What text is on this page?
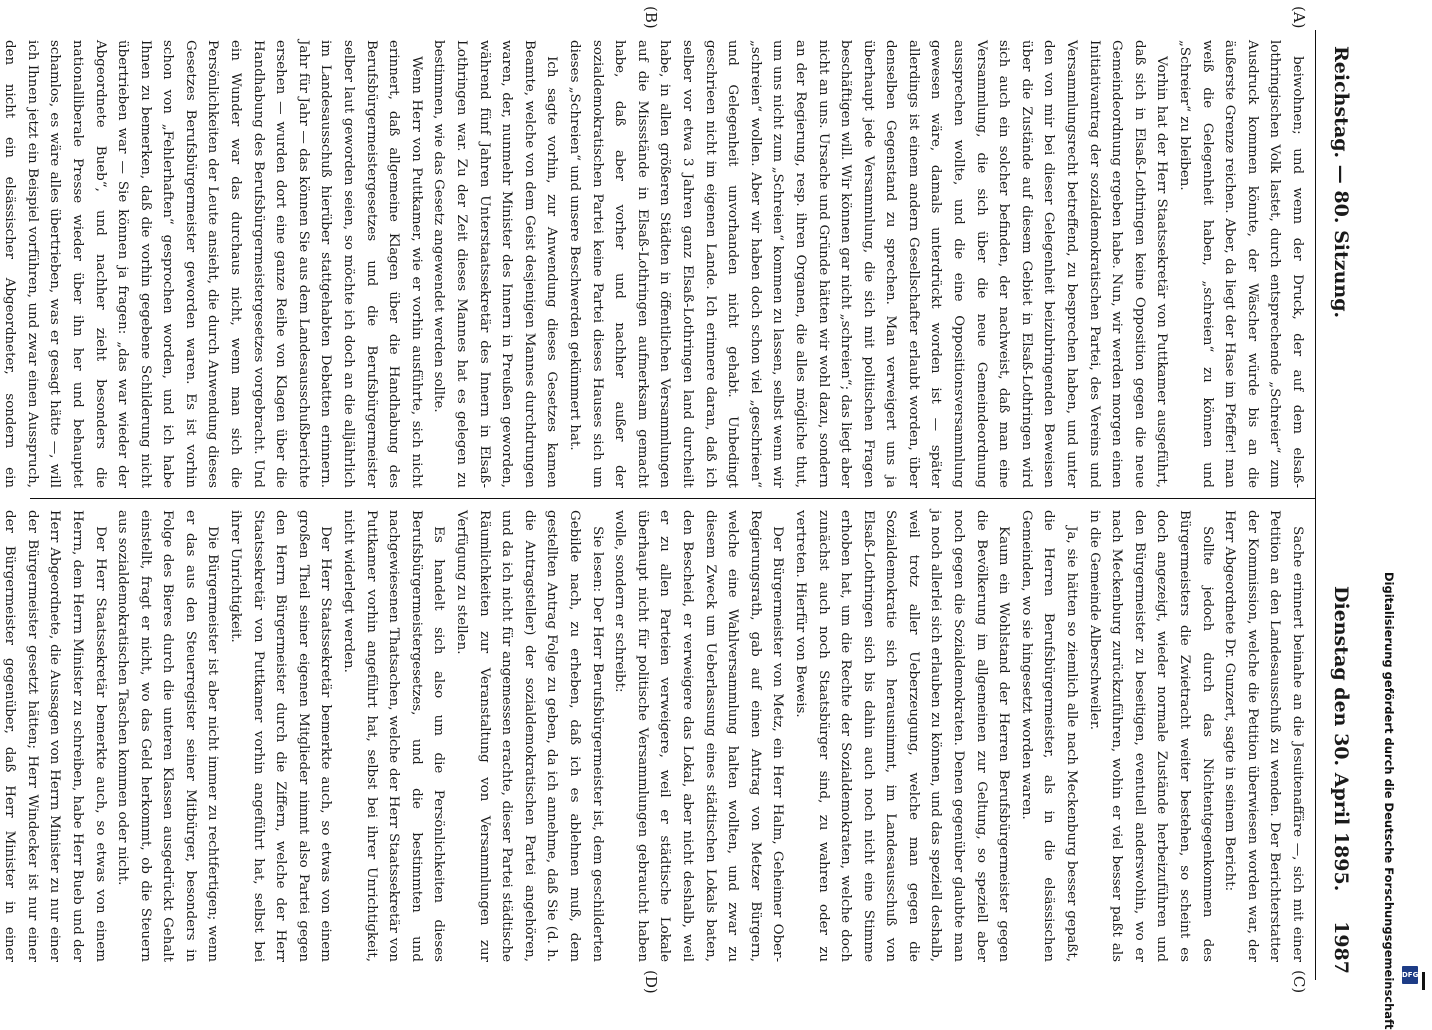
Reichstag. — 80. Sitzung.
Dienstag den 30. April 1895.
1987
(A)
(B)
(C)
(D)

beiwohnen; und wenn der Druck, der auf dem elsaß-lothringischen Volk lastet, durch entsprechende „Schreier“ zum Ausdruck kommen könnte, der Wäscher würde bis an die äußerste Grenze reichen. Aber, da liegt der Hase im Pfeffer! man weiß die Gelegenheit haben, „schreien“ zu können und „Schreier“ zu bleiben.

Vorhin hat der Herr Staatssekretär von Puttkamer ausgeführt, daß sich in Elsaß-Lothringen keine Opposition gegen die neue Gemeindeordnung ergeben habe. Nun, wir werden morgen einen Initiativantrag der sozialdemokratischen Partei, des Vereins und Versammlungsrecht betreffend, zu besprechen haben, und unter den von mir bei dieser Gelegenheit beizubringenden Beweisen über die Zustände auf diesem Gebiet in Elsaß-Lothringen wird sich auch ein solcher befinden, der nachweist, daß man eine Versammlung, die sich über die neue Gemeindeordnung aussprechen wollte, und die eine Oppositionsversammlung gewesen wäre, damals unterdrückt worden ist — später allerdings ist einem andern Gesellschafter erlaubt worden, über denselben Gegenstand zu sprechen. Man verweigert uns ja überhaupt jede Versammlung, die sich mit politischen Fragen beschäftigen will. Wir können gar nicht „schreien“; das liegt aber nicht an uns. Ursache und Gründe hätten wir wohl dazu, sondern an der Regierung, resp. ihren Organen, die alles mögliche thut, um uns nicht zum „Schreien“ kommen zu lassen, selbst wenn wir „schreien“ wollen. Aber wir haben doch schon viel „geschrieen“ und Gelegenheit unvorhanden nicht gehabt. Unbedingt geschrieen nicht im eigenen Lande. Ich erinnere daran, daß ich selber vor etwa 3 Jahren ganz Elsaß-Lothringen land durcheilt habe, in allen größeren Städten in öffentlichen Versammlungen auf die Missstände in Elsaß-Lothringen aufmerksam gemacht habe, daß aber vorher und nachher außer der sozialdemokratischen Partei keine Partei dieses Hauses sich um dieses „Schreien“ und unsere Beschwerden gekümmert hat.

Ich sagte vorhin, zur Anwendung dieses Gesetzes kamen Beamte, welche von dem Geist desjenigen Mannes durchdrungen waren, der, nunmehr Minister des Innern in Preußen geworden, während fünf Jahren Unterstaatssekretär des Innern in Elsaß-Lothringen war. Zu der Zeit dieses Mannes hat es gelegen zu bestimmen, wie das Gesetz angewendet werden sollte.

Wenn Herr von Puttkamer, wie er vorhin ausführte, sich nicht erinnert, daß allgemeine Klagen über die Handhabung des Berufsbürgermeistergesetzes und die Berufsbürgermeister selber laut geworden seien, so möchte ich doch an die alljährlich im Landesausschuß hierüber stattgehabten Debatten erinnern. Jahr für Jahr — das können Sie aus dem Landesausschußberichte ersehen — wurden dort eine ganze Reihe von Klagen über die Handhabung des Berufsbürgermeistergesetzes vorgebracht. Und ein Wunder war das durchaus nicht, wenn man sich die Persönlichkeiten der Leute ansieht, die durch Anwendung dieses Gesetzes Berufsbürgermeister geworden waren. Es ist vorhin schon von „Fehlerhaften“ gesprochen worden, und ich habe Ihnen zu bemerken, daß die vorhin gegebene Schilderung nicht übertrieben war — Sie können ja fragen: „das war wieder der Abgeordnete Bueb“, und nachher zieht besonders die nationalliberale Presse wieder über ihn her und behauptet schamlos, es wäre alles übertrieben, was er gesagt hätte —, will ich Ihnen jetzt ein Beispiel vorführen, und zwar einen Ausspruch, den nicht ein elsässischer Abgeordneter, sondern ein

Sache erinnert beinahe an die Jesuitenaffäre —, sich mit einer Petition an den Landesausschuß zu wenden. Der Berichterstatter der Kommission, welche die Petition überwiesen worden war, der Herr Abgeordnete Dr. Gunzert, sagte in seinem Bericht:

Sollte jedoch durch das Nichtentgegenkommen des Bürgermeisters die Zwietracht weiter bestehen, so scheint es doch angezeigt, wieder normale Zustände herbeizuführen und den Bürgermeister zu beseitigen, eventuell anderswohin, wo er nach Meckenburg zurückzuführen, wohin er viel besser paßt als in die Gemeinde Alberschweiler.

Ja, sie hätten so ziemlich alle nach Meckenburg besser gepaßt, die Herren Berufsbürgermeister, als in die elsässischen Gemeinden, wo sie hingesetzt worden waren.

Kaum ein Wohlstand der Herren Berufsbürgermeister gegen die Bevölkerung im allgemeinen zur Geltung, so speziell aber noch gegen die Sozialdemokraten. Denen gegenüber glaubte man ja noch allerlei sich erlauben zu können, und das speziell deshalb, weil trotz aller Ueberzeugung, welche man gegen die Sozialdemokratie sich herausnimmt, im Landesausschuß von Elsaß-Lothringen sich bis dahin auch noch nicht eine Stimme erhoben hat, um die Rechte der Sozialdemokraten, welche doch zunächst auch noch Staatsbürger sind, zu wahren oder zu vertreten. Hierfür von Beweis.

Der Bürgermeister von Metz, ein Herr Halm, Geheimer Ober-Regierungsrath, gab auf einen Antrag von Metzer Bürgern, welche eine Wahlversammlung halten wollten, und zwar zu diesem Zweck um Ueberlassung eines städtischen Lokals baten, den Bescheid, er verweigere das Lokal, aber nicht deshalb, weil er zu allen Parteien verweigere, weil er städtische Lokale überhaupt nicht für politische Versammlungen gebraucht haben wolle, sondern er schreibt:

Sie lesen: Der Herr Berufsbürgermeister ist, dem geschilderten Gebilde nach, zu erheben, daß ich es ablehnen muß, dem gestellten Antrag Folge zu geben, da ich annehme, daß Sie (d. h. die Antragsteller) der sozialdemokratischen Partei angehören, und da ich nicht für angemessen erachte, dieser Partei städtische Räumlichkeiten zur Veranstaltung von Versammlungen zur Verfügung zu stellen.

Es handelt sich also um die Persönlichkeiten dieses Berufsbürgermeistergesetzes, und die bestimmten und nachgewiesenen Thatsachen, welche der Herr Staatssekretär von Puttkamer vorhin angeführt hat, selbst bei ihrer Unrichtigkeit, nicht widerlegt werden.

Der Herr Staatssekretär bemerkte auch, so etwas von einem großen Theil seiner eigenen Mitglieder nimmt also Partei gegen den Herrn Bürgermeister durch die Ziffern, welche der Herr Staatssekretär von Puttkamer vorhin angeführt hat, selbst bei ihrer Unrichtigkeit.

Die Bürgermeister ist aber nicht immer zu rechtfertigen; wenn er das aus den Steuerregister seiner Mitbürger, besonders in Folge des Bieres durch die unteren Klassen ausgedrückt Gehalt einstellt, fragt er nicht, wo das Geld herkommt, ob die Steuern aus sozialdemokratischen Taschen kommen oder nicht.

Der Herr Staatssekretär bemerkte auch, so etwas von einem Herrn, dem Herrn Minister zu schreiben, habe Herr Bueb und der Herr Abgeordnete, die Aussagen von Herrn Minister zu nur einer der Bürgermeister gesetzt hätten; Herr Windecker ist nur einer der Bürgermeister gegenüber, daß Herr Minister in einer	Digitalisierung gefördert durch die Deutsche Forschungsgemeinschaft DFG
